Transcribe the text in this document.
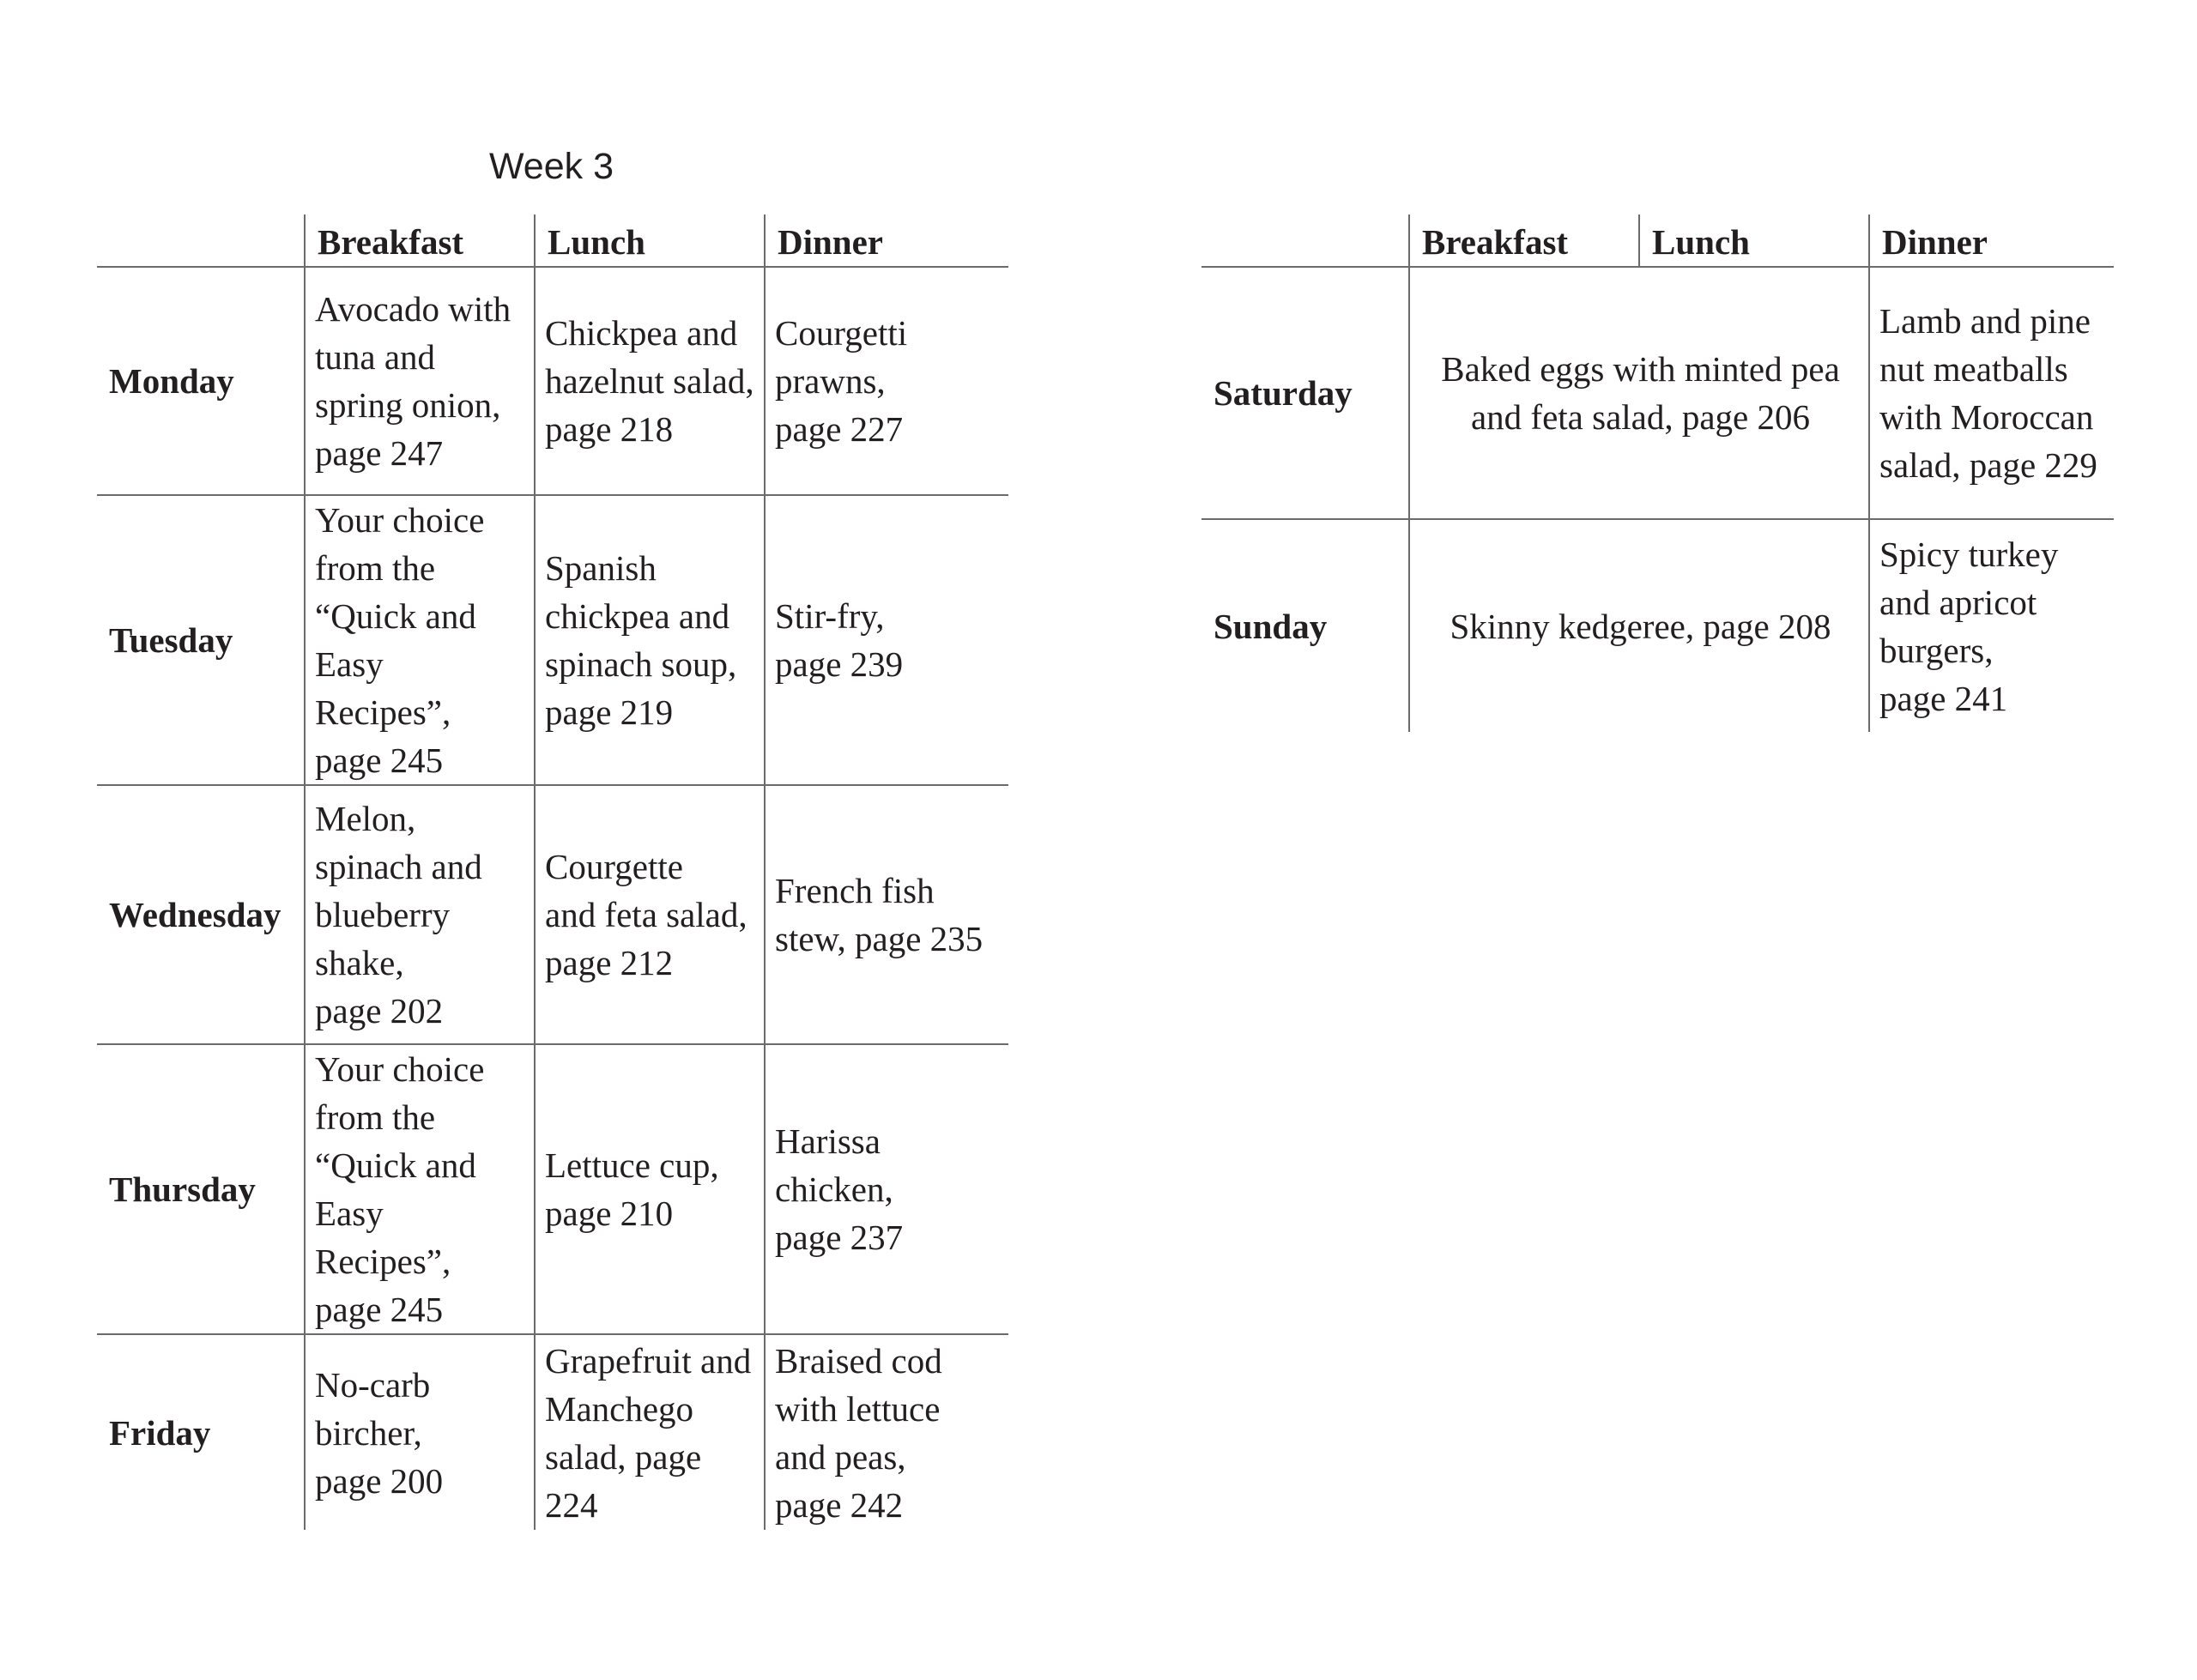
Week 3
	Breakfast	Lunch	Dinner
Monday	Avocado with
tuna and
spring onion,
page 247	Chickpea and
hazelnut salad,
page 218	Courgetti
prawns,
page 227
Tuesday	Your choice
from the
“Quick and
Easy Recipes”,
page 245	Spanish
chickpea and
spinach soup,
page 219	Stir-fry,
page 239
Wednesday	Melon,
spinach and
blueberry
shake,
page 202	Courgette
and feta salad,
page 212	French fish
stew, page 235
Thursday	Your choice
from the
“Quick and
Easy Recipes”,
page 245	Lettuce cup,
page 210	Harissa
chicken,
page 237
Friday	No-carb
bircher,
page 200	Grapefruit and
Manchego
salad, page
224	Braised cod
with lettuce
and peas,
page 242
	Breakfast	Lunch	Dinner
Saturday	Baked eggs with minted pea
and feta salad, page 206		Lamb and pine
nut meatballs
with Moroccan
salad, page 229
Sunday	Skinny kedgeree, page 208		Spicy turkey
and apricot
burgers,
page 241
